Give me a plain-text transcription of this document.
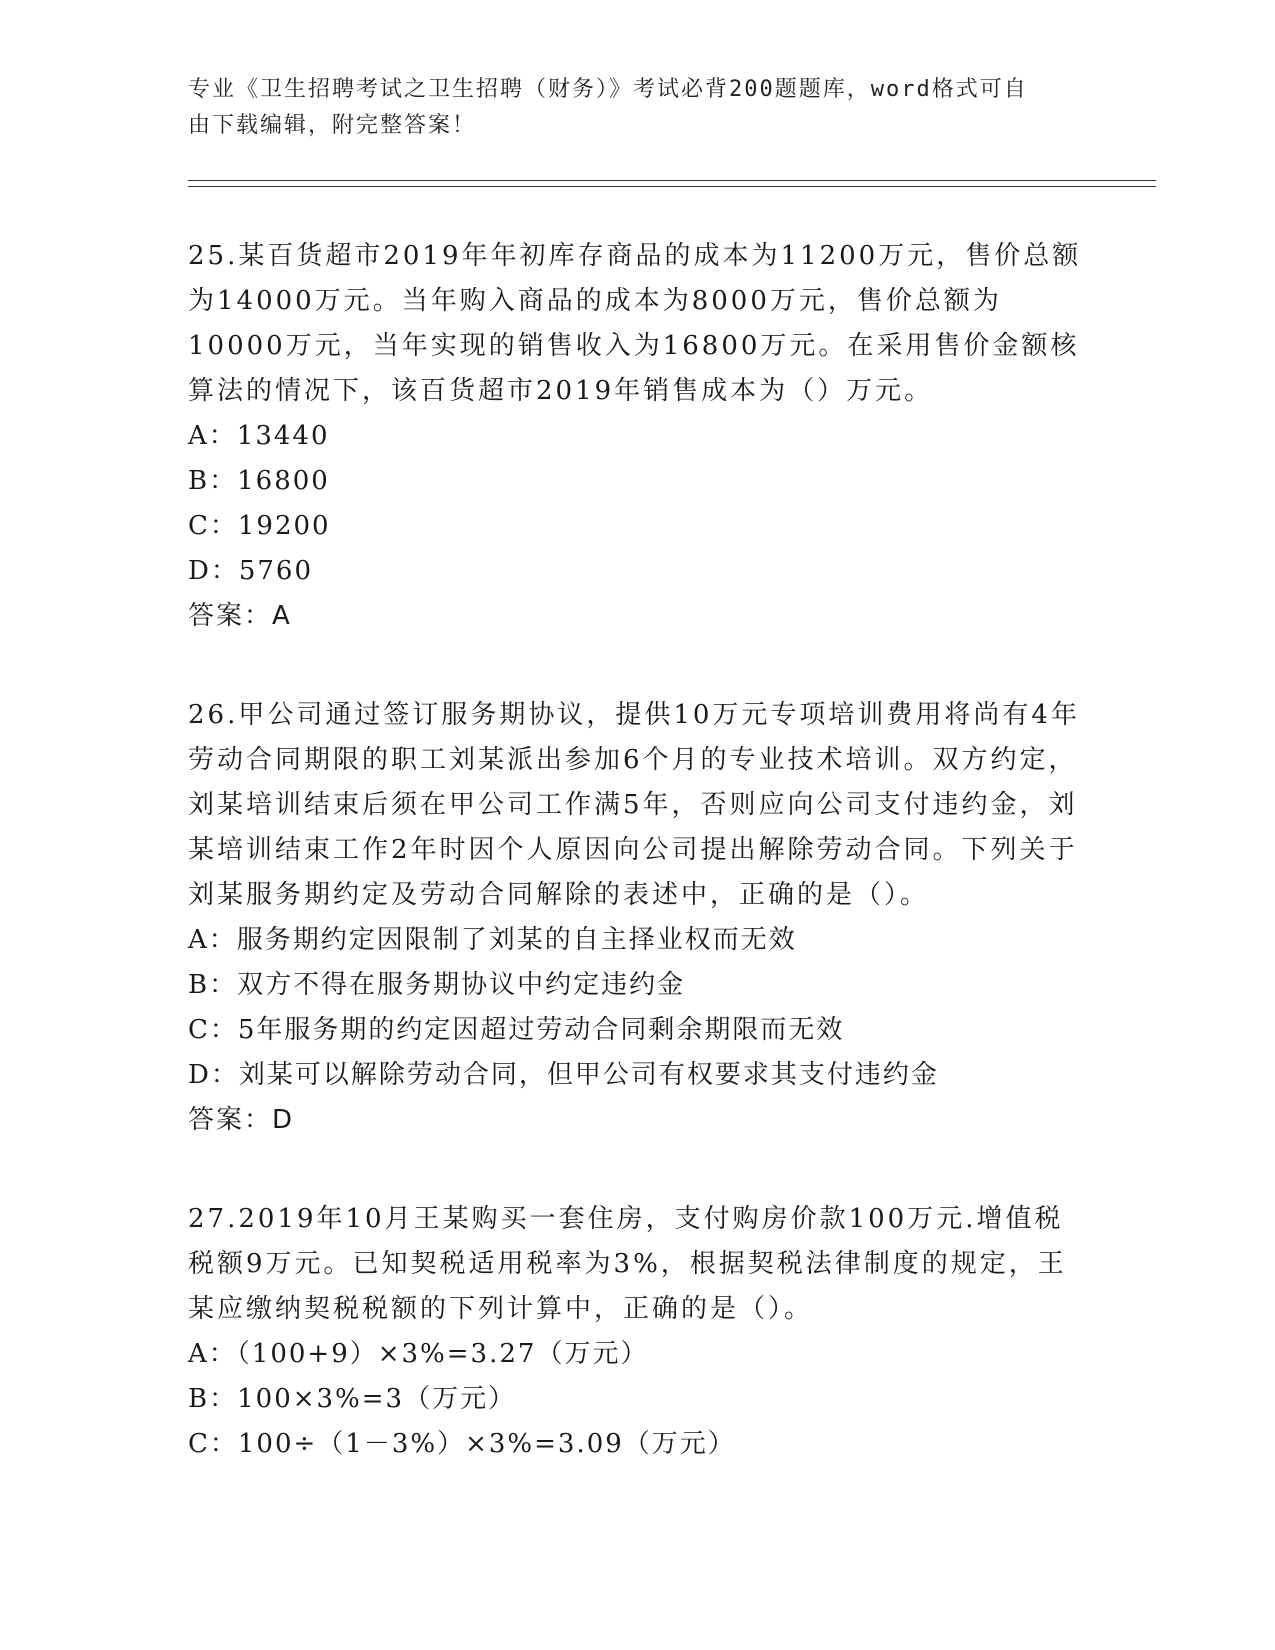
专业《卫生招聘考试之卫生招聘（财务）》考试必背200题题库，word格式可自
由下载编辑，附完整答案！

25.某百货超市2019年年初库存商品的成本为11200万元，售价总额为14000万元。当年购入商品的成本为8000万元，售价总额为10000万元，当年实现的销售收入为16800万元。在采用售价金额核算法的情况下，该百货超市2019年销售成本为（）万元。

A：13440

B：16800

C：19200

D：5760

答案：A

26.甲公司通过签订服务期协议，提供10万元专项培训费用将尚有4年劳动合同期限的职工刘某派出参加6个月的专业技术培训。双方约定，刘某培训结束后须在甲公司工作满5年，否则应向公司支付违约金，刘某培训结束工作2年时因个人原因向公司提出解除劳动合同。下列关于刘某服务期约定及劳动合同解除的表述中，正确的是（）。

A：服务期约定因限制了刘某的自主择业权而无效

B：双方不得在服务期协议中约定违约金

C：5年服务期的约定因超过劳动合同剩余期限而无效

D：刘某可以解除劳动合同，但甲公司有权要求其支付违约金

答案：D

27.2019年10月王某购买一套住房，支付购房价款100万元.增值税税额9万元。已知契税适用税率为3%，根据契税法律制度的规定，王某应缴纳契税税额的下列计算中，正确的是（）。

A：（100+9）×3%=3.27（万元）

B：100×3%=3（万元）

C：100÷（1－3%）×3%=3.09（万元）
